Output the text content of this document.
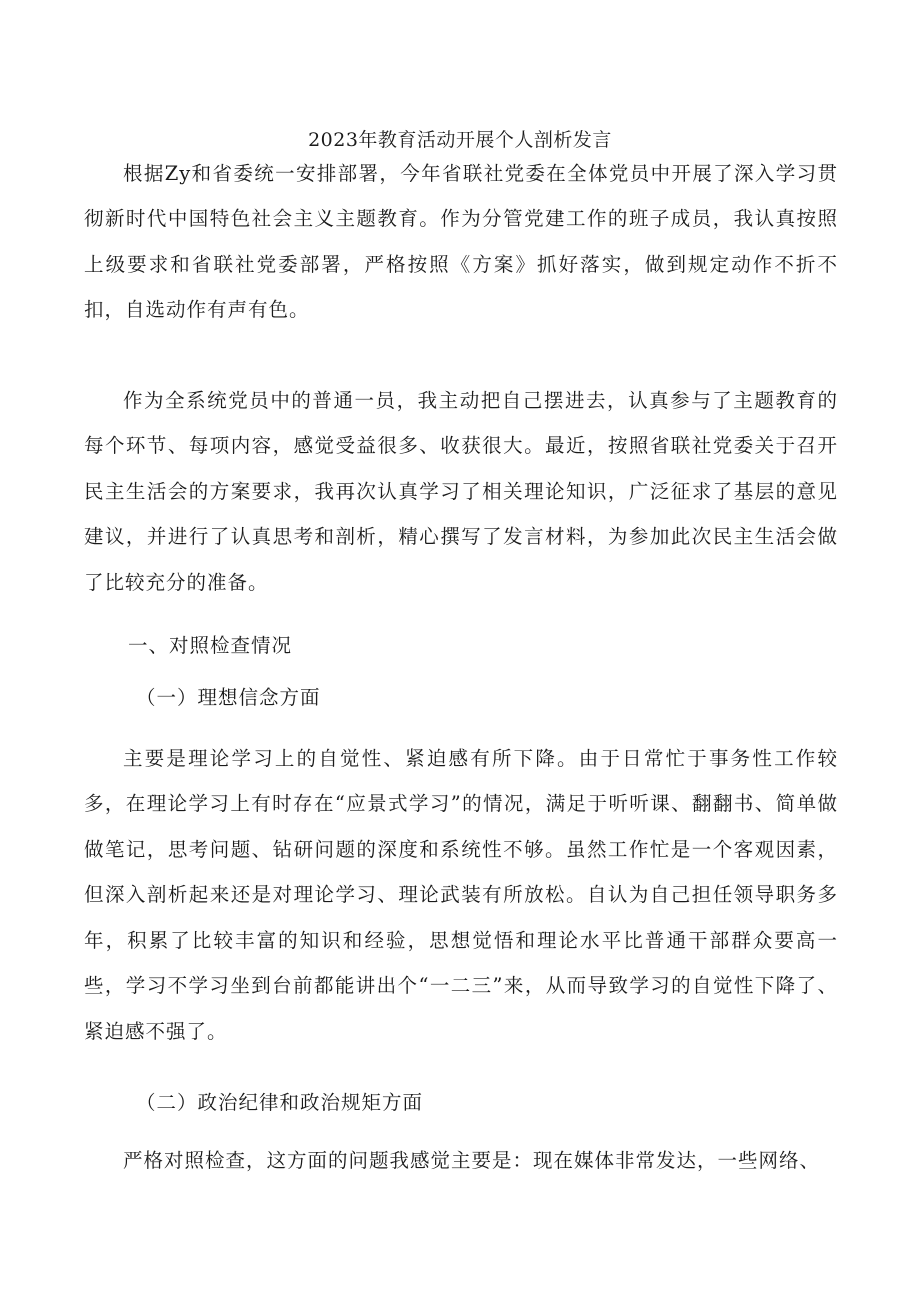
2023年教育活动开展个人剖析发言

根据Zy和省委统一安排部署，今年省联社党委在全体党员中开展了深入学习贯彻新时代中国特色社会主义主题教育。作为分管党建工作的班子成员，我认真按照上级要求和省联社党委部署，严格按照《方案》抓好落实，做到规定动作不折不扣，自选动作有声有色。

作为全系统党员中的普通一员，我主动把自己摆进去，认真参与了主题教育的每个环节、每项内容，感觉受益很多、收获很大。最近，按照省联社党委关于召开民主生活会的方案要求，我再次认真学习了相关理论知识，广泛征求了基层的意见建议，并进行了认真思考和剖析，精心撰写了发言材料，为参加此次民主生活会做了比较充分的准备。

一、对照检查情况
（一）理想信念方面

主要是理论学习上的自觉性、紧迫感有所下降。由于日常忙于事务性工作较多，在理论学习上有时存在“应景式学习”的情况，满足于听听课、翻翻书、简单做做笔记，思考问题、钻研问题的深度和系统性不够。虽然工作忙是一个客观因素，但深入剖析起来还是对理论学习、理论武装有所放松。自认为自己担任领导职务多年，积累了比较丰富的知识和经验，思想觉悟和理论水平比普通干部群众要高一些，学习不学习坐到台前都能讲出个“一二三”来，从而导致学习的自觉性下降了、紧迫感不强了。

（二）政治纪律和政治规矩方面

严格对照检查，这方面的问题我感觉主要是：现在媒体非常发达，一些网络、
